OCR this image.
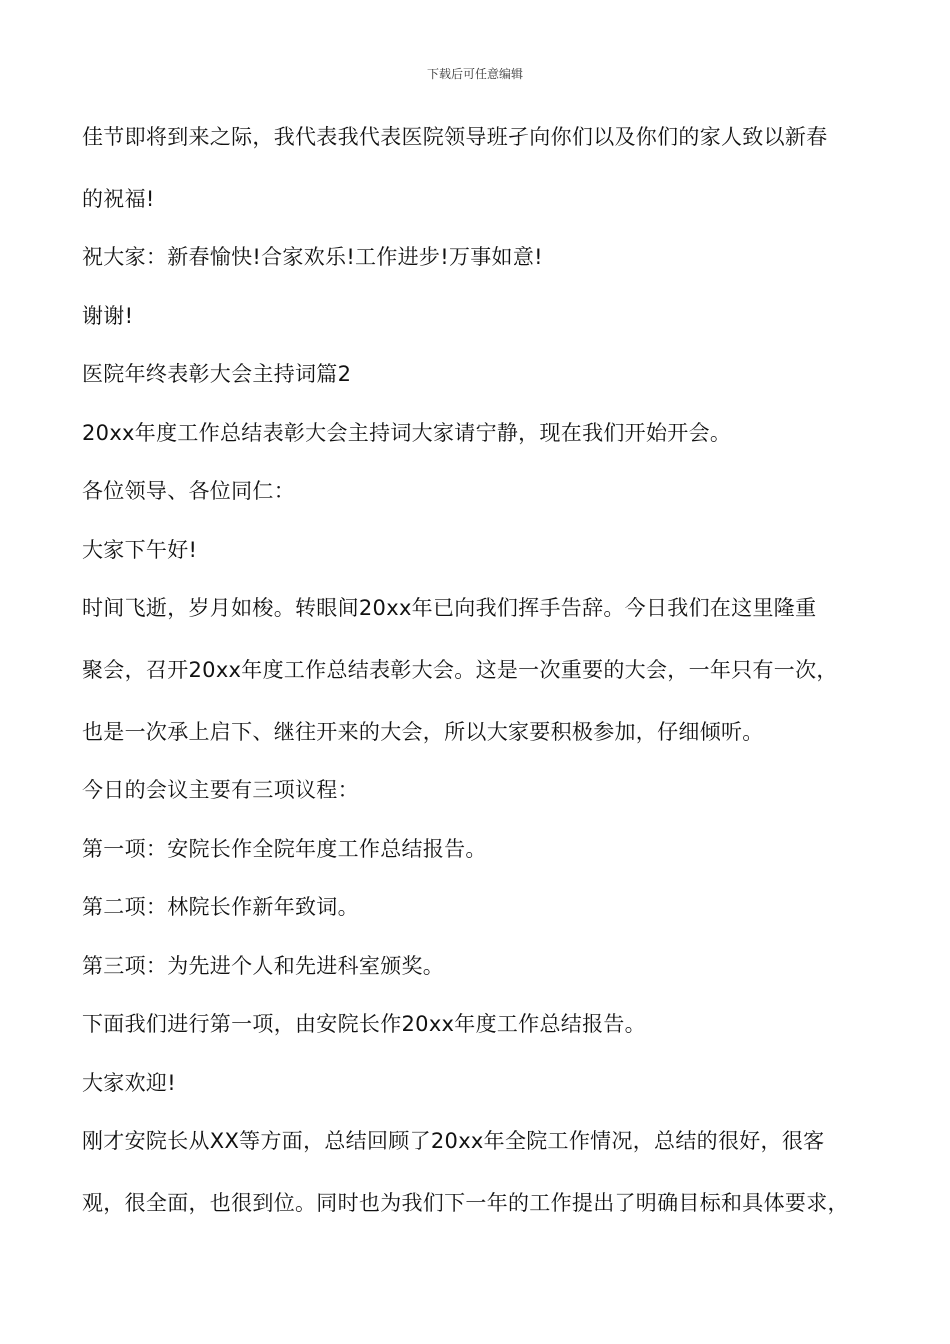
下载后可任意编辑
佳节即将到来之际，我代表我代表医院领导班孑向你们以及你们的家人致以新春
的祝福!
祝大家：新春愉快!合家欢乐!工作进步!万事如意!
谢谢!
医院年终表彰大会主持词篇2
20xx年度工作总结表彰大会主持词大家请宁静，现在我们开始开会。
各位领导、各位同仁：
大家下午好!
时间飞逝，岁月如梭。转眼间20xx年已向我们挥手告辞。今日我们在这里隆重
聚会，召开20xx年度工作总结表彰大会。这是一次重要的大会，一年只有一次，
也是一次承上启下、继往开来的大会，所以大家要积极参加，仔细倾听。
今日的会议主要有三项议程：
第一项：安院长作全院年度工作总结报告。
第二项：林院长作新年致词。
第三项：为先进个人和先进科室颁奖。
下面我们进行第一项，由安院长作20xx年度工作总结报告。
大家欢迎!
刚才安院长从XX等方面，总结回顾了20xx年全院工作情况，总结的很好，很客
观，很全面，也很到位。同时也为我们下一年的工作提出了明确目标和具体要求，
